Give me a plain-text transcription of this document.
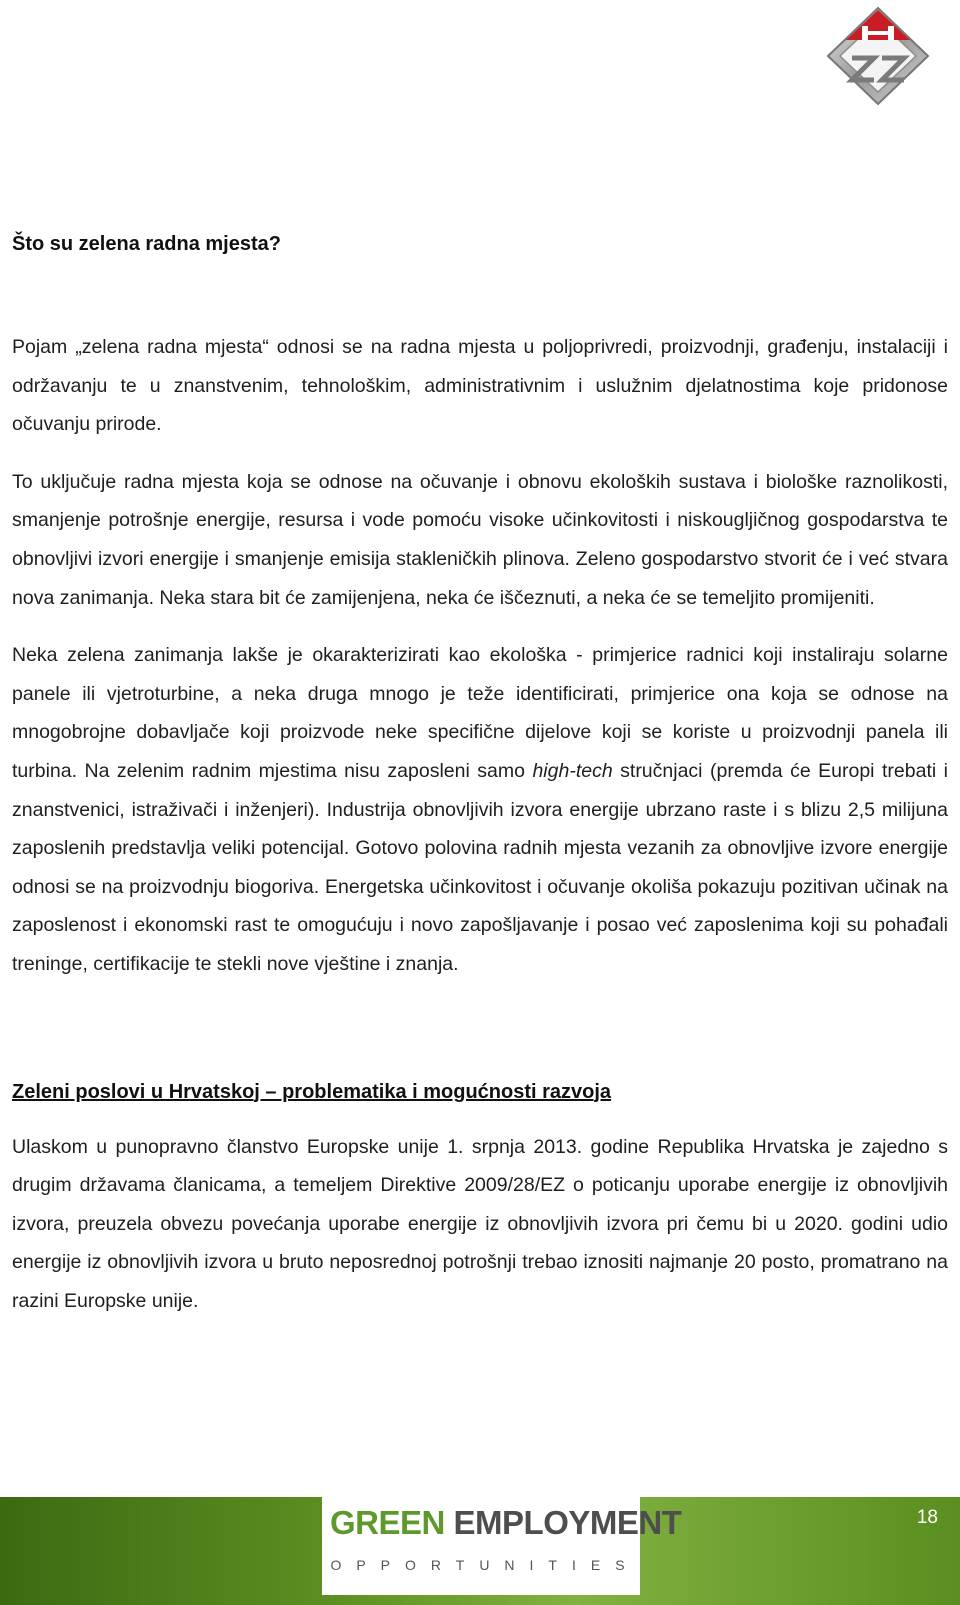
Što su zelena radna mjesta?

Pojam „zelena radna mjesta“ odnosi se na radna mjesta u poljoprivredi, proizvodnji, građenju, instalaciji i održavanju te u znanstvenim, tehnološkim, administrativnim i uslužnim djelatnostima koje pridonose očuvanju prirode.

To uključuje radna mjesta koja se odnose na očuvanje i obnovu ekoloških sustava i biološke raznolikosti, smanjenje potrošnje energije, resursa i vode pomoću visoke učinkovitosti i niskougljičnog gospodarstva te obnovljivi izvori energije i smanjenje emisija stakleničkih plinova. Zeleno gospodarstvo stvorit će i već stvara nova zanimanja. Neka stara bit će zamijenjena, neka će iščeznuti, a neka će se temeljito promijeniti.

Neka zelena zanimanja lakše je okarakterizirati kao ekološka - primjerice radnici koji instaliraju solarne panele ili vjetroturbine, a neka druga mnogo je teže identificirati, primjerice ona koja se odnose na mnogobrojne dobavljače koji proizvode neke specifične dijelove koji se koriste u proizvodnji panela ili turbina. Na zelenim radnim mjestima nisu zaposleni samo high-tech stručnjaci (premda će Europi trebati i znanstvenici, istraživači i inženjeri). Industrija obnovljivih izvora energije ubrzano raste i s blizu 2,5 milijuna zaposlenih predstavlja veliki potencijal. Gotovo polovina radnih mjesta vezanih za obnovljive izvore energije odnosi se na proizvodnju biogoriva. Energetska učinkovitost i očuvanje okoliša pokazuju pozitivan učinak na zaposlenost i ekonomski rast te omogućuju i novo zapošljavanje i posao već zaposlenima koji su pohađali treninge, certifikacije te stekli nove vještine i znanja.

Zeleni poslovi u Hrvatskoj – problematika i mogućnosti razvoja

Ulaskom u punopravno članstvo Europske unije 1. srpnja 2013. godine Republika Hrvatska je zajedno s drugim državama članicama, a temeljem Direktive 2009/28/EZ o poticanju uporabe energije iz obnovljivih izvora, preuzela obvezu povećanja uporabe energije iz obnovljivih izvora pri čemu bi u 2020. godini udio energije iz obnovljivih izvora u bruto neposrednoj potrošnji trebao iznositi najmanje 20 posto, promatrano na razini Europske unije.

GREEN EMPLOYMENT
OPPORTUNITIES
18
